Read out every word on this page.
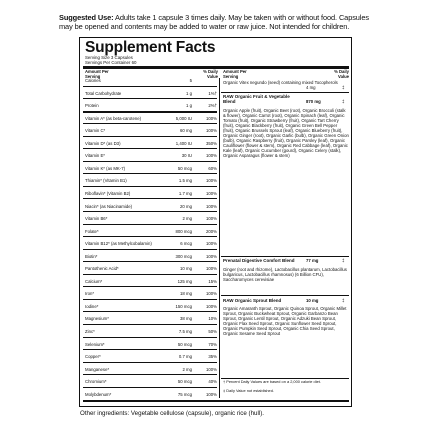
Suggested Use: Adults take 1 capsule 3 times daily. May be taken with or without food. Capsules may be opened and contents may be added to water or raw juice. Not intended for children.
Supplement Facts
Serving Size 3 Capsules
Servings Per Container 60
Amount Per Serving
% Daily Value
Amount Per Serving
% Daily Value
Calories	5
Total Carbohydrate	1 g	1%†
Protein	1 g	2%†
Vitamin A* (as beta-carotene)	5,000 IU	100%
Vitamin C*	60 mg	100%
Vitamin D* (as D3)	1,400 IU	350%
Vitamin E*	30 IU	100%
Vitamin K* (as MK-7)	50 mcg	60%
Thiamin* (Vitamin B1)	1.5 mg	100%
Riboflavin* (Vitamin B2)	1.7 mg	100%
Niacin* (as Niacinamide)	20 mg	100%
Vitamin B6*	2 mg	100%
Folate*	800 mcg	200%
Vitamin B12* (as Methylcobalamin)	6 mcg	100%
Biotin*	300 mcg	100%
Pantothenic Acid*	10 mg	100%
Calcium*	125 mg	15%
Iron*	18 mg	100%
Iodine*	150 mcg	100%
Magnesium*	38 mg	10%
Zinc*	7.5 mg	50%
Selenium*	50 mcg	70%
Copper*	0.7 mg	35%
Manganese*	2 mg	100%
Chromium*	50 mcg	40%
Molybdenum*	75 mcg	100%
Organic Vitex negundo (seed) containing mixed Tocopherols
4 mg	‡
RAW Organic Fruit & Vegetable Blend	870 mg	‡
Organic Apple (fruit), Organic Beet (root), Organic Broccoli (stalk & flower), Organic Carrot (root), Organic Spinach (leaf), Organic Tomato (fruit), Organic Strawberry (fruit), Organic Tart Cherry (fruit), Organic Blackberry (fruit), Organic Green Bell Pepper (fruit), Organic Brussels Sprout (leaf), Organic Blueberry (fruit), Organic Ginger (root), Organic Garlic (bulb), Organic Green Onion (bulb), Organic Raspberry (fruit), Organic Parsley (leaf), Organic Cauliflower (flower & stem), Organic Red Cabbage (leaf), Organic Kale (leaf), Organic Cucumber (gourd), Organic Celery (stalk), Organic Asparagus (flower & stem)
Prenatal Digestive Comfort Blend	77 mg	‡
Ginger (root and rhizome), Lactobacillus plantarum, Lactobacillus bulgaricus, Lactobacillus rhamnosus) (6 Billion CFU), Saccharomyces cerevisiae
RAW Organic Sprout Blend	10 mg	‡
Organic Amaranth Sprout, Organic Quinoa Sprout, Organic Millet Sprout, Organic Buckwheat Sprout, Organic Garbanzo Bean Sprout, Organic Lentil Sprout, Organic Adzuki Bean Sprout, Organic Flax Seed Sprout, Organic Sunflower Seed Sprout, Organic Pumpkin Seed Sprout, Organic Chia Seed Sprout, Organic Sesame Seed Sprout
† Percent Daily Values are based on a 2,000 calorie diet.
‡ Daily Value not established.
Other ingredients: Vegetable cellulose (capsule), organic rice (hull).
